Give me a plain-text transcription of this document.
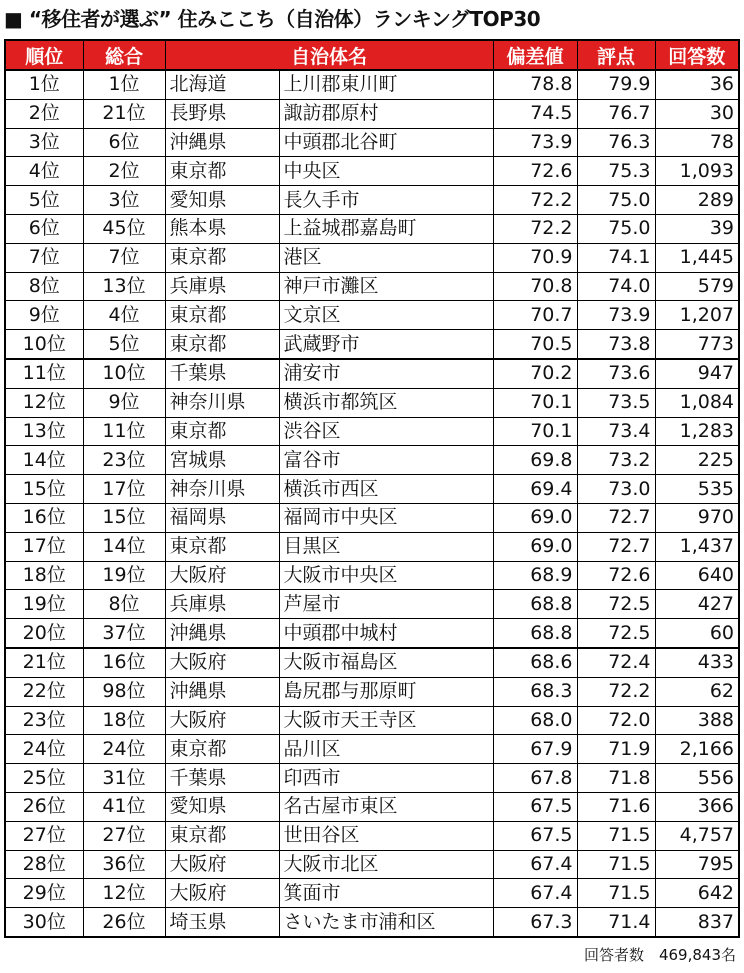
■ “移住者が選ぶ” 住みここち（自治体）ランキングTOP30
順位	総合	自治体名		偏差値	評点	回答数
1位	1位	北海道	上川郡東川町	78.8	79.9	36
2位	21位	長野県	諏訪郡原村	74.5	76.7	30
3位	6位	沖縄県	中頭郡北谷町	73.9	76.3	78
4位	2位	東京都	中央区	72.6	75.3	1,093
5位	3位	愛知県	長久手市	72.2	75.0	289
6位	45位	熊本県	上益城郡嘉島町	72.2	75.0	39
7位	7位	東京都	港区	70.9	74.1	1,445
8位	13位	兵庫県	神戸市灘区	70.8	74.0	579
9位	4位	東京都	文京区	70.7	73.9	1,207
10位	5位	東京都	武蔵野市	70.5	73.8	773
11位	10位	千葉県	浦安市	70.2	73.6	947
12位	9位	神奈川県	横浜市都筑区	70.1	73.5	1,084
13位	11位	東京都	渋谷区	70.1	73.4	1,283
14位	23位	宮城県	富谷市	69.8	73.2	225
15位	17位	神奈川県	横浜市西区	69.4	73.0	535
16位	15位	福岡県	福岡市中央区	69.0	72.7	970
17位	14位	東京都	目黒区	69.0	72.7	1,437
18位	19位	大阪府	大阪市中央区	68.9	72.6	640
19位	8位	兵庫県	芦屋市	68.8	72.5	427
20位	37位	沖縄県	中頭郡中城村	68.8	72.5	60
21位	16位	大阪府	大阪市福島区	68.6	72.4	433
22位	98位	沖縄県	島尻郡与那原町	68.3	72.2	62
23位	18位	大阪府	大阪市天王寺区	68.0	72.0	388
24位	24位	東京都	品川区	67.9	71.9	2,166
25位	31位	千葉県	印西市	67.8	71.8	556
26位	41位	愛知県	名古屋市東区	67.5	71.6	366
27位	27位	東京都	世田谷区	67.5	71.5	4,757
28位	36位	大阪府	大阪市北区	67.4	71.5	795
29位	12位	大阪府	箕面市	67.4	71.5	642
30位	26位	埼玉県	さいたま市浦和区	67.3	71.4	837
回答者数　469,843名
